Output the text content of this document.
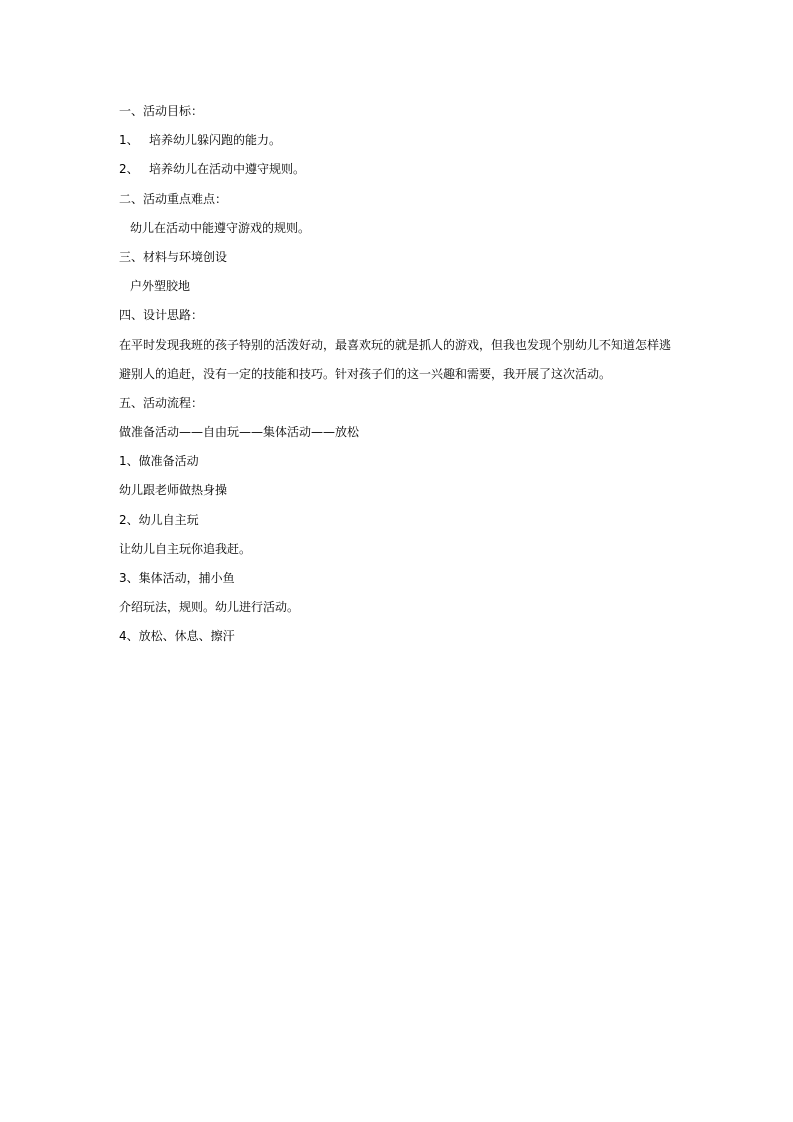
一、活动目标：
1、 培养幼儿躲闪跑的能力。
2、 培养幼儿在活动中遵守规则。
二、活动重点难点：
幼儿在活动中能遵守游戏的规则。
三、材料与环境创设
户外塑胶地
四、设计思路：
在平时发现我班的孩子特别的活泼好动，最喜欢玩的就是抓人的游戏，但我也发现个别幼儿不知道怎样逃
避别人的追赶，没有一定的技能和技巧。针对孩子们的这一兴趣和需要，我开展了这次活动。
五、活动流程：
做准备活动——自由玩——集体活动——放松
1、做准备活动
幼儿跟老师做热身操
2、幼儿自主玩
让幼儿自主玩你追我赶。
3、集体活动，捕小鱼
介绍玩法，规则。幼儿进行活动。
4、放松、休息、擦汗
